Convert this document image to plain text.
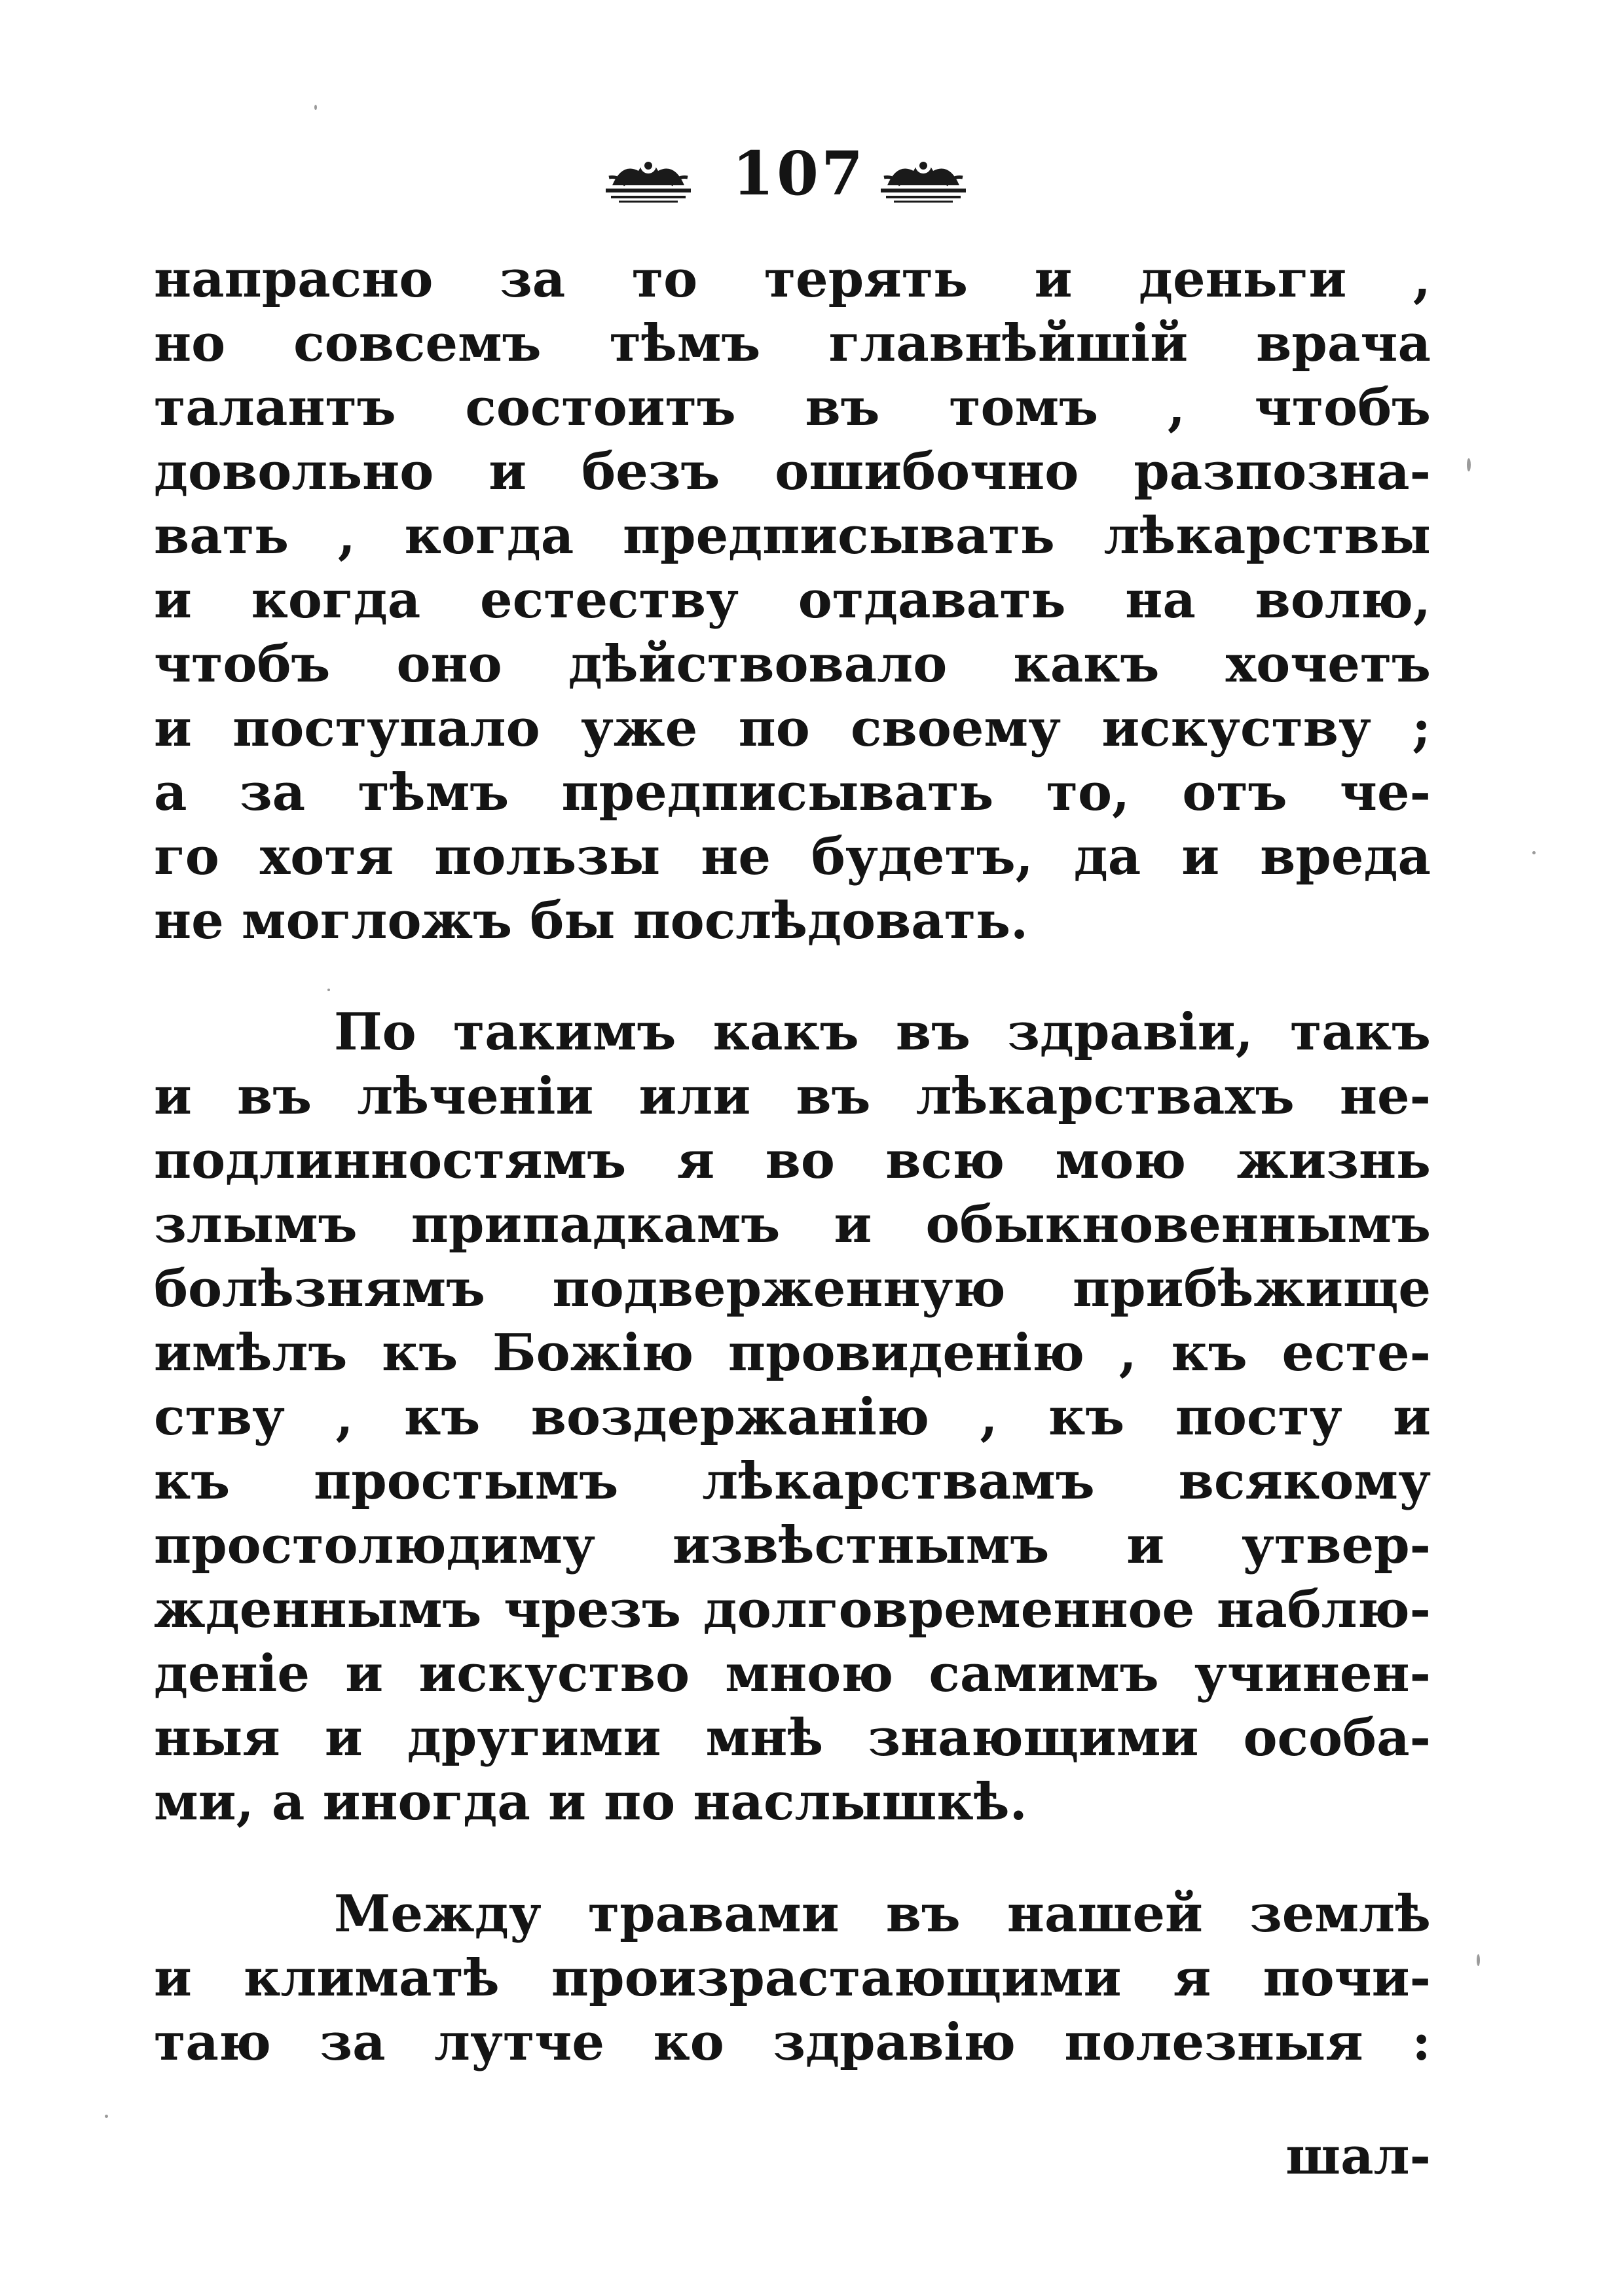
107
напрасно за то терять и деньги ,
но совсемъ тѣмъ главнѣйшій врача
талантъ состоитъ въ томъ , чтобъ
довольно и безъ ошибочно разпозна-
вать , когда предписывать лѣкарствы
и когда естеству отдавать на волю,
чтобъ оно дѣйствовало какъ хочетъ
и поступало уже по своему искуству ;
а за тѣмъ предписывать то, отъ че-
го хотя пользы не будетъ, да и вреда
не могложъ бы послѣдовать.
По такимъ какъ въ здравіи, такъ
и въ лѣченіи или въ лѣкарствахъ не-
подлинностямъ я во всю мою жизнь
злымъ припадкамъ и обыкновеннымъ
болѣзнямъ подверженную прибѣжище
имѣлъ къ Божію провиденію , къ есте-
ству , къ воздержанію , къ посту и
къ простымъ лѣкарствамъ всякому
простолюдиму извѣстнымъ и утвер-
жденнымъ чрезъ долговременное наблю-
деніе и искуство мною самимъ учинен-
ныя и другими мнѣ знающими особа-
ми, а иногда и по наслышкѣ.
Между травами въ нашей землѣ
и климатѣ произрастающими я почи-
таю за лутче ко здравію полезныя :
шал-
